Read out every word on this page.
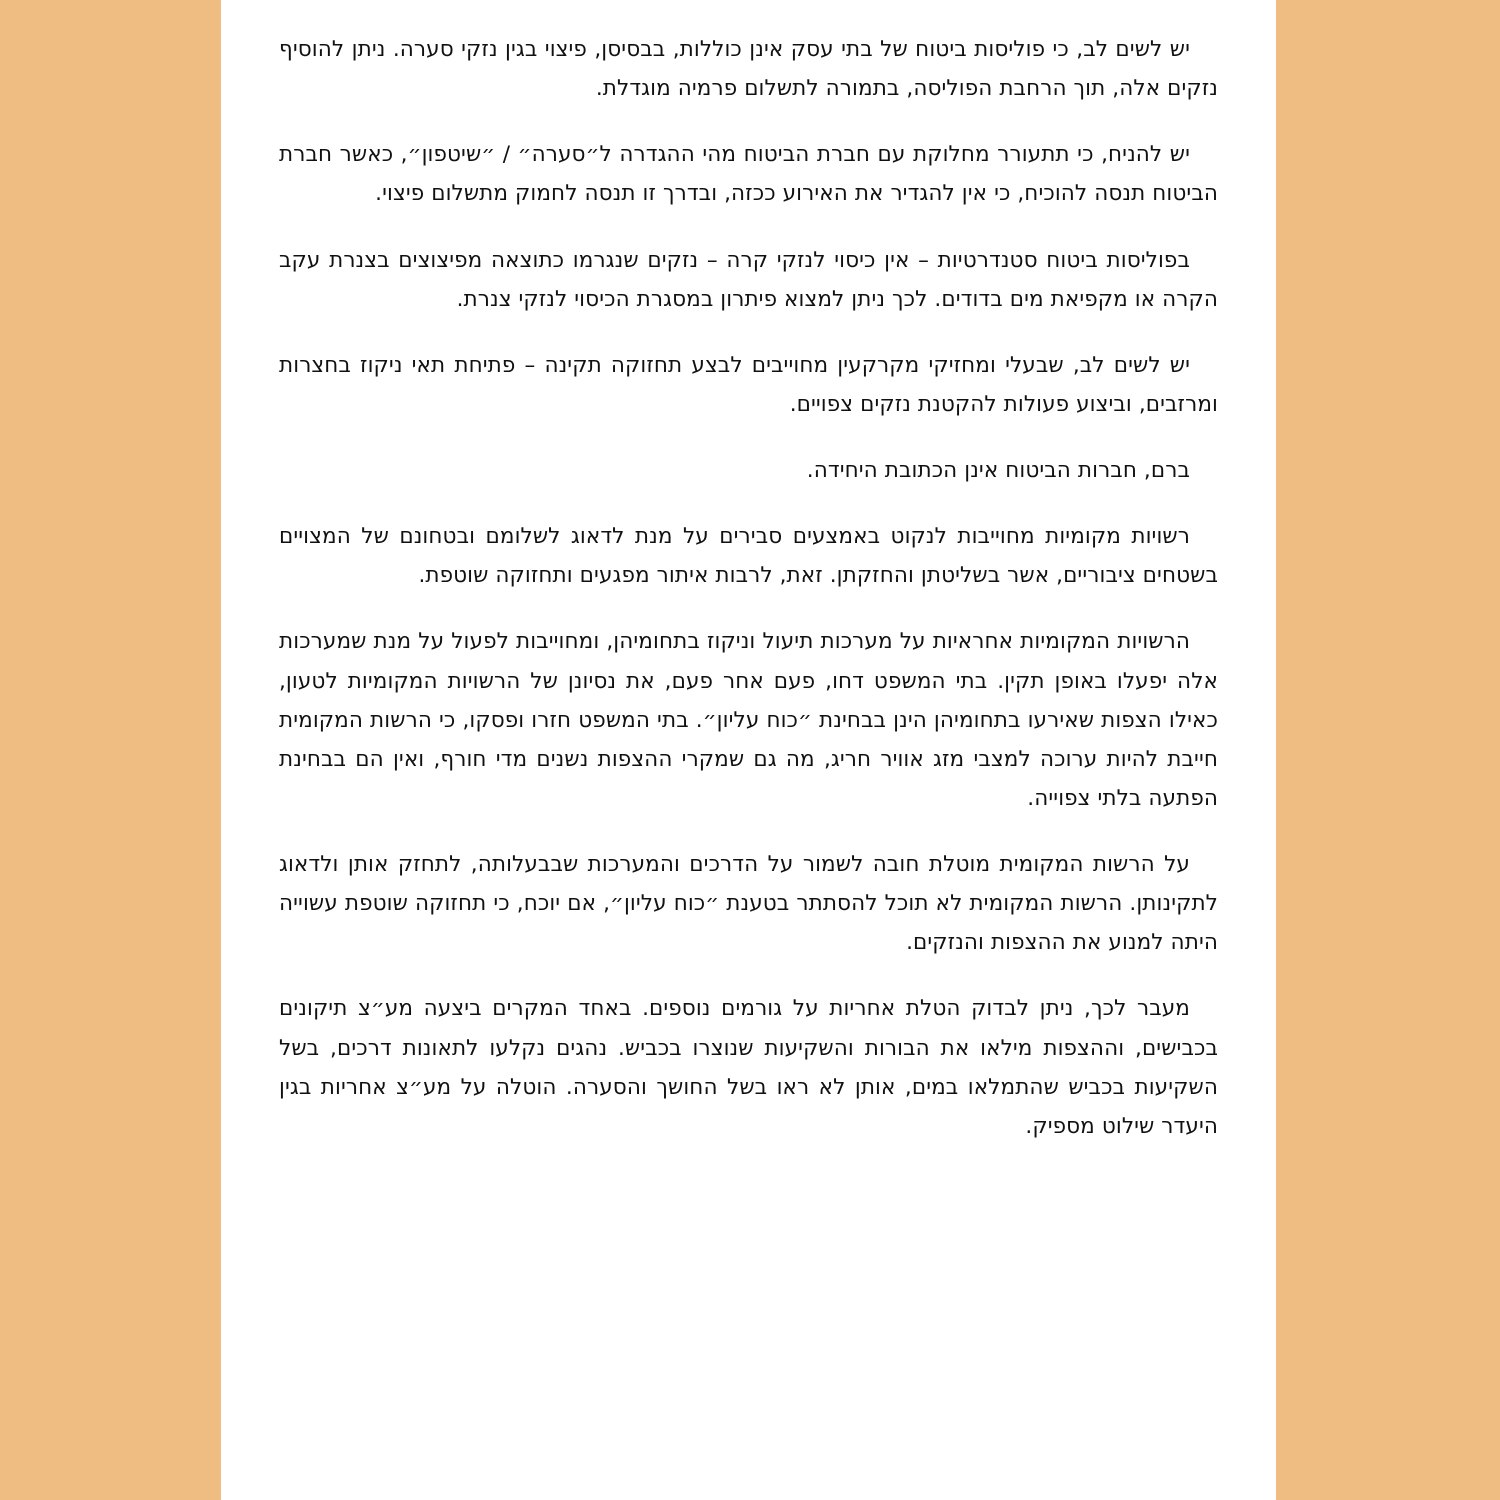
יש לשים לב, כי פוליסות ביטוח של בתי עסק אינן כוללות, בבסיסן, פיצוי בגין נזקי סערה. ניתן להוסיף נזקים אלה, תוך הרחבת הפוליסה, בתמורה לתשלום פרמיה מוגדלת.

יש להניח, כי תתעורר מחלוקת עם חברת הביטוח מהי ההגדרה ל״סערה״ / ״שיטפון״, כאשר חברת הביטוח תנסה להוכיח, כי אין להגדיר את האירוע ככזה, ובדרך זו תנסה לחמוק מתשלום פיצוי.

בפוליסות ביטוח סטנדרטיות – אין כיסוי לנזקי קרה – נזקים שנגרמו כתוצאה מפיצוצים בצנרת עקב הקרה או מקפיאת מים בדודים. לכך ניתן למצוא פיתרון במסגרת הכיסוי לנזקי צנרת.

יש לשים לב, שבעלי ומחזיקי מקרקעין מחוייבים לבצע תחזוקה תקינה – פתיחת תאי ניקוז בחצרות ומרזבים, וביצוע פעולות להקטנת נזקים צפויים.

ברם, חברות הביטוח אינן הכתובת היחידה.

רשויות מקומיות מחוייבות לנקוט באמצעים סבירים על מנת לדאוג לשלומם ובטחונם של המצויים בשטחים ציבוריים, אשר בשליטתן והחזקתן. זאת, לרבות איתור מפגעים ותחזוקה שוטפת.

הרשויות המקומיות אחראיות על מערכות תיעול וניקוז בתחומיהן, ומחוייבות לפעול על מנת שמערכות אלה יפעלו באופן תקין. בתי המשפט דחו, פעם אחר פעם, את נסיונן של הרשויות המקומיות לטעון, כאילו הצפות שאירעו בתחומיהן הינן בבחינת ״כוח עליון״. בתי המשפט חזרו ופסקו, כי הרשות המקומית חייבת להיות ערוכה למצבי מזג אוויר חריג, מה גם שמקרי ההצפות נשנים מדי חורף, ואין הם בבחינת הפתעה בלתי צפוייה.

על הרשות המקומית מוטלת חובה לשמור על הדרכים והמערכות שבבעלותה, לתחזק אותן ולדאוג לתקינותן. הרשות המקומית לא תוכל להסתתר בטענת ״כוח עליון״, אם יוכח, כי תחזוקה שוטפת עשוייה היתה למנוע את ההצפות והנזקים.

מעבר לכך, ניתן לבדוק הטלת אחריות על גורמים נוספים. באחד המקרים ביצעה מע״צ תיקונים בכבישים, וההצפות מילאו את הבורות והשקיעות שנוצרו בכביש. נהגים נקלעו לתאונות דרכים, בשל השקיעות בכביש שהתמלאו במים, אותן לא ראו בשל החושך והסערה. הוטלה על מע״צ אחריות בגין היעדר שילוט מספיק.
